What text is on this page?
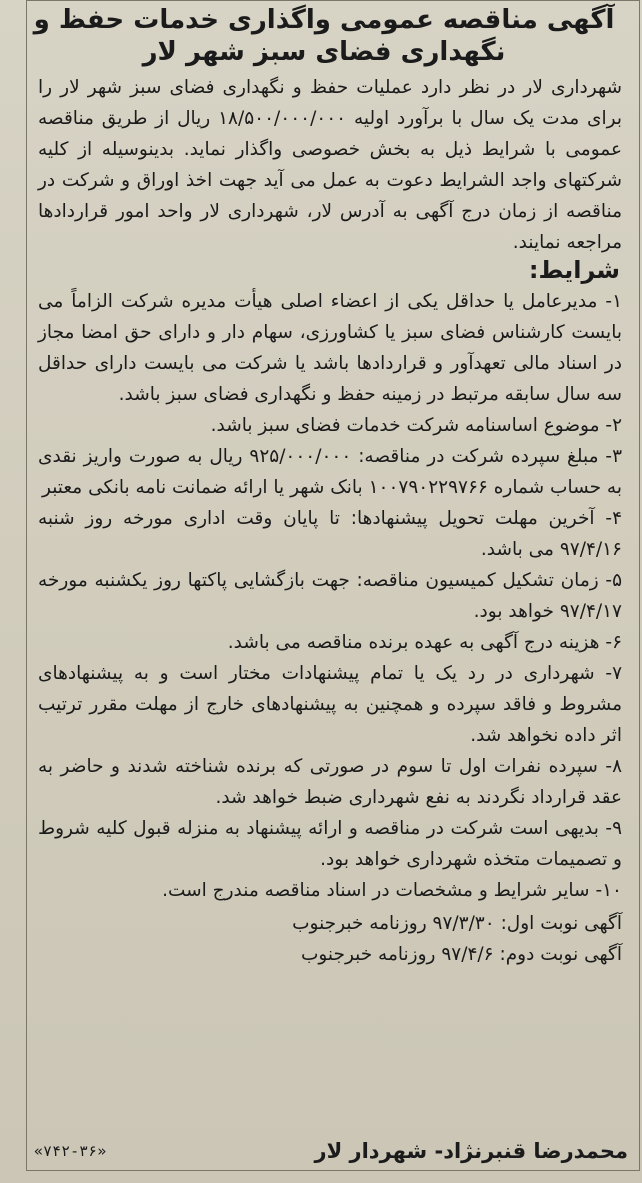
آگهی مناقصه عمومی واگذاری خدمات حفظ و
نگهداری فضای سبز شهر لار
شهرداری لار در نظر دارد عملیات حفظ و نگهداری فضای سبز شهر لار را برای مدت یک سال با برآورد اولیه ۱۸/۵۰۰/۰۰۰/۰۰۰ ریال از طریق مناقصه عمومی با شرایط ذیل به بخش خصوصی واگذار نماید. بدینوسیله از کلیه شرکتهای واجد الشرایط دعوت به عمل می آید جهت اخذ اوراق و شرکت در مناقصه از زمان درج آگهی به آدرس لار، شهرداری لار واحد امور قراردادها مراجعه نمایند.
شرایط:
۱- مدیرعامل یا حداقل یکی از اعضاء اصلی هیأت مدیره شرکت الزاماً می بایست کارشناس فضای سبز یا کشاورزی، سهام دار و دارای حق امضا مجاز در اسناد مالی تعهدآور و قراردادها باشد یا شرکت می بایست دارای حداقل سه سال سابقه مرتبط در زمینه حفظ و نگهداری فضای سبز باشد.
۲- موضوع اساسنامه شرکت خدمات فضای سبز باشد.
۳- مبلغ سپرده شرکت در مناقصه: ۹۲۵/۰۰۰/۰۰۰ ریال به صورت واریز نقدی به حساب شماره ۱۰۰۷۹۰۲۲۹۷۶۶ بانک شهر یا ارائه ضمانت نامه بانکی معتبر
۴- آخرین مهلت تحویل پیشنهادها: تا پایان وقت اداری مورخه روز شنبه ۹۷/۴/۱۶ می باشد.
۵- زمان تشکیل کمیسیون مناقصه: جهت بازگشایی پاکتها روز یکشنبه مورخه ۹۷/۴/۱۷ خواهد بود.
۶- هزینه درج آگهی به عهده برنده مناقصه می باشد.
۷- شهرداری در رد یک یا تمام پیشنهادات مختار است و به پیشنهادهای مشروط و فاقد سپرده و همچنین به پیشنهادهای خارج از مهلت مقرر ترتیب اثر داده نخواهد شد.
۸- سپرده نفرات اول تا سوم در صورتی که برنده شناخته شدند و حاضر به عقد قرارداد نگردند به نفع شهرداری ضبط خواهد شد.
۹- بدیهی است شرکت در مناقصه و ارائه پیشنهاد به منزله قبول کلیه شروط و تصمیمات متخذه شهرداری خواهد بود.
۱۰- سایر شرایط و مشخصات در اسناد مناقصه مندرج است.
آگهی نوبت اول: ۹۷/۳/۳۰ روزنامه خبرجنوب
آگهی نوبت دوم: ۹۷/۴/۶ روزنامه خبرجنوب
محمدرضا قنبرنژاد- شهردار لار
«۷۴۲-۳۶»
